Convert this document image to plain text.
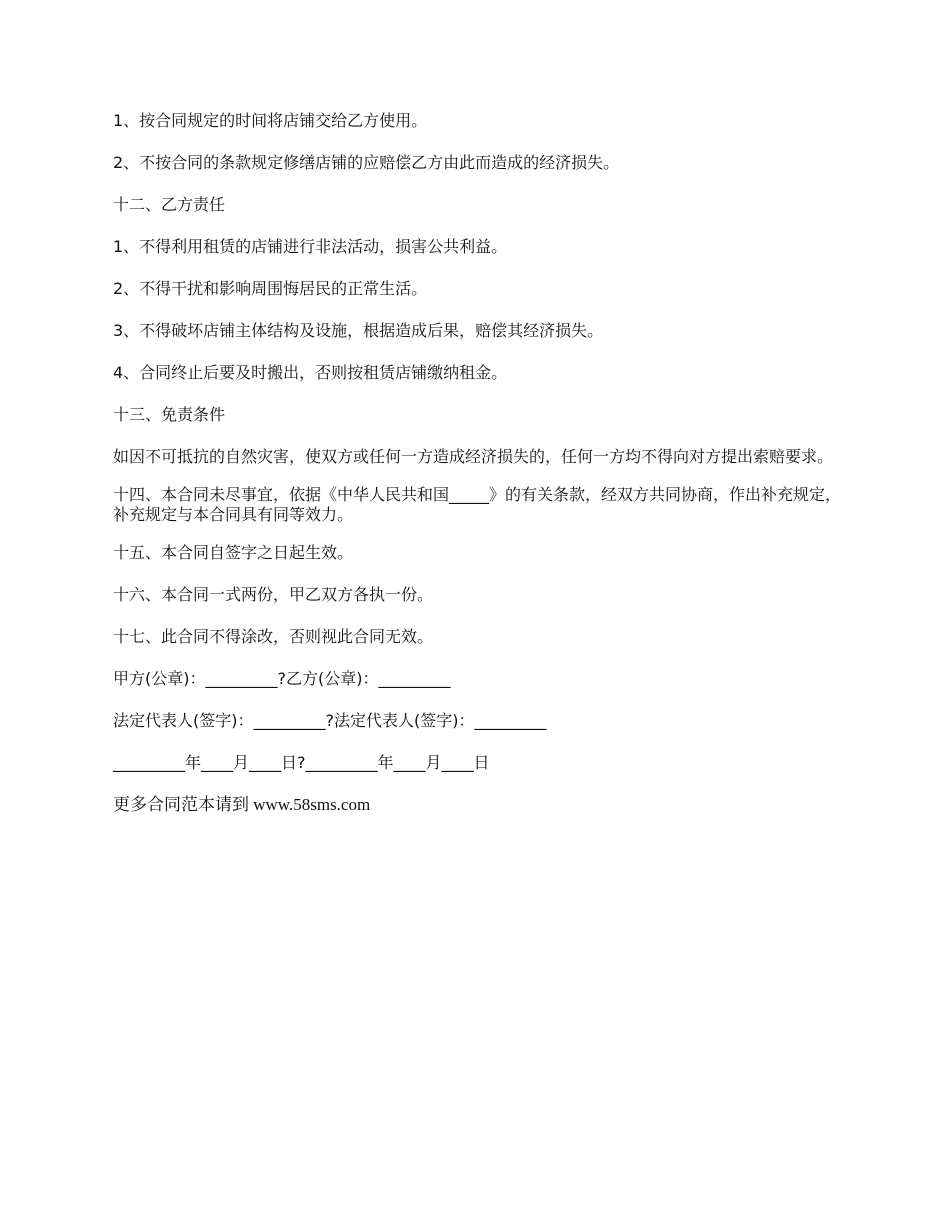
1、按合同规定的时间将店铺交给乙方使用。

2、不按合同的条款规定修缮店铺的应赔偿乙方由此而造成的经济损失。

十二、乙方责任

1、不得利用租赁的店铺进行非法活动，损害公共利益。

2、不得干扰和影响周围悔居民的正常生活。

3、不得破坏店铺主体结构及设施，根据造成后果，赔偿其经济损失。

4、合同终止后要及时搬出，否则按租赁店铺缴纳租金。

十三、免责条件

如因不可抵抗的自然灾害，使双方或任何一方造成经济损失的，任何一方均不得向对方提出索赔要求。

十四、本合同未尽事宜，依据《中华人民共和国_____》的有关条款，经双方共同协商，作出补充规定，补充规定与本合同具有同等效力。

十五、本合同自签字之日起生效。

十六、本合同一式两份，甲乙双方各执一份。

十七、此合同不得涂改，否则视此合同无效。

甲方(公章)：_________?乙方(公章)：_________

法定代表人(签字)：_________?法定代表人(签字)：_________

_________年____月____日?_________年____月____日

更多合同范本请到 www.58sms.com
